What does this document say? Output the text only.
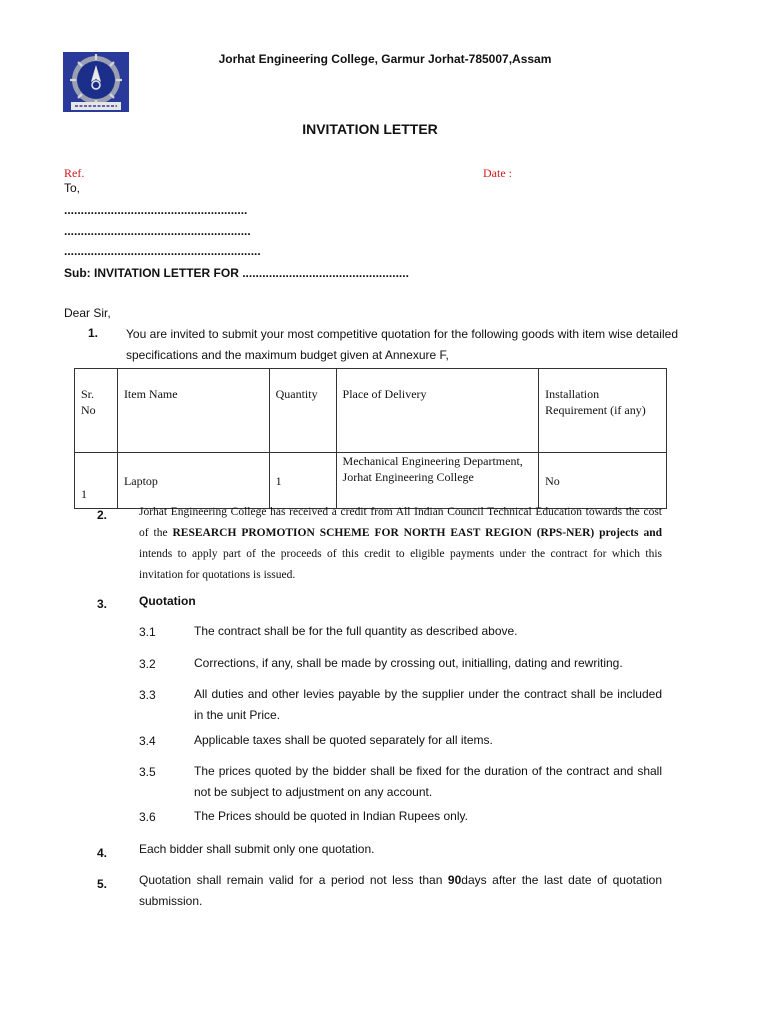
Jorhat Engineering College, Garmur Jorhat-785007,Assam
INVITATION LETTER
Ref.	Date :
To,
.......................................................
........................................................
...........................................................
Sub: INVITATION LETTER FOR ..................................................
Dear Sir,
1. You are invited to submit your most competitive quotation for the following goods with item wise detailed specifications and the maximum budget given at Annexure F,
Sr. No	Item Name	Quantity	Place of Delivery	Installation Requirement (if any)
1	Laptop	1	Mechanical Engineering Department, Jorhat Engineering College	No
2.	Jorhat Engineering College has received a credit from All Indian Council Technical Education towards the cost of the RESEARCH PROMOTION SCHEME FOR NORTH EAST REGION (RPS-NER) projects and intends to apply part of the proceeds of this credit to eligible payments under the contract for which this invitation for quotations is issued.
3.	Quotation
3.1	The contract shall be for the full quantity as described above.
3.2	Corrections, if any, shall be made by crossing out, initialling, dating and rewriting.
3.3	All duties and other levies payable by the supplier under the contract shall be included in the unit Price.
3.4	Applicable taxes shall be quoted separately for all items.
3.5	The prices quoted by the bidder shall be fixed for the duration of the contract and shall not be subject to adjustment on any account.
3.6	The Prices should be quoted in Indian Rupees only.
4.	Each bidder shall submit only one quotation.
5.	Quotation shall remain valid for a period not less than 90days after the last date of quotation submission.
